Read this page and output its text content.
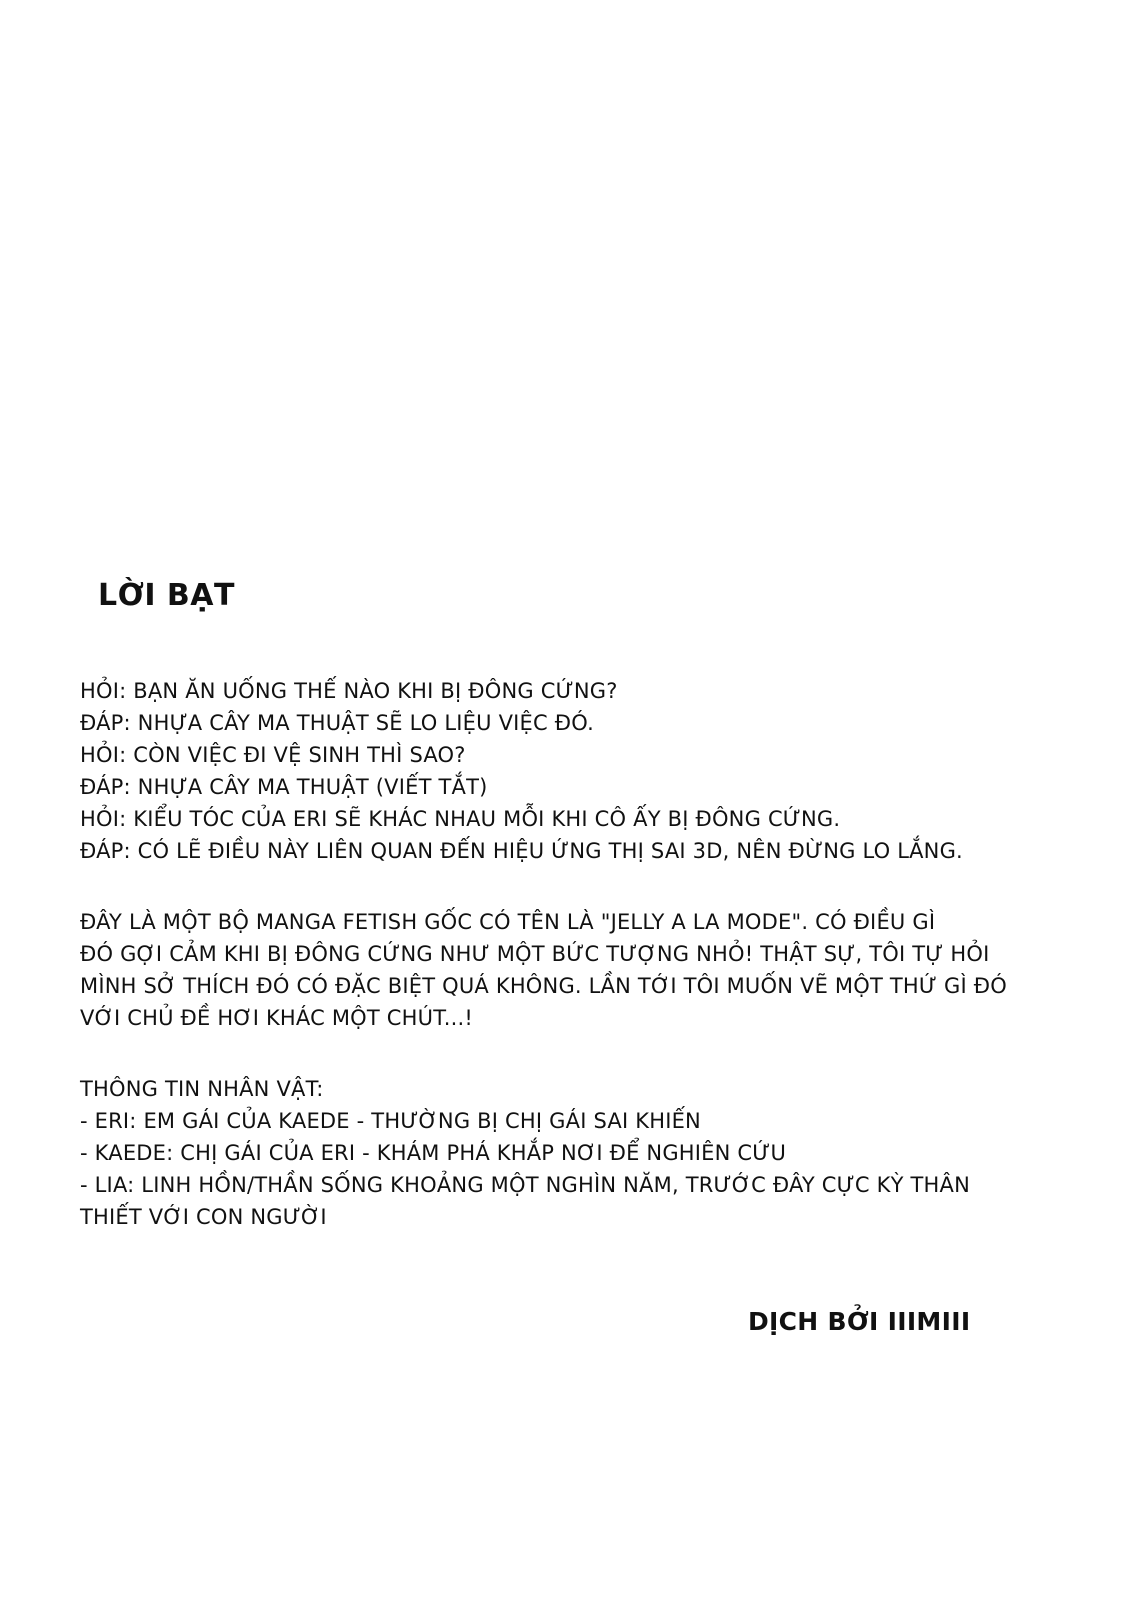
LỜI BẠT
HỎI: BẠN ĂN UỐNG THẾ NÀO KHI BỊ ĐÔNG CỨNG?
ĐÁP: NHỰA CÂY MA THUẬT SẼ LO LIỆU VIỆC ĐÓ.
HỎI: CÒN VIỆC ĐI VỆ SINH THÌ SAO?
ĐÁP: NHỰA CÂY MA THUẬT (VIẾT TẮT)
HỎI: KIỂU TÓC CỦA ERI SẼ KHÁC NHAU MỖI KHI CÔ ẤY BỊ ĐÔNG CỨNG.
ĐÁP: CÓ LẼ ĐIỀU NÀY LIÊN QUAN ĐẾN HIỆU ỨNG THỊ SAI 3D, NÊN ĐỪNG LO LẮNG.
ĐÂY LÀ MỘT BỘ MANGA FETISH GỐC CÓ TÊN LÀ "JELLY A LA MODE". CÓ ĐIỀU GÌ
ĐÓ GỢI CẢM KHI BỊ ĐÔNG CỨNG NHƯ MỘT BỨC TƯỢNG NHỎ! THẬT SỰ, TÔI TỰ HỎI
MÌNH SỞ THÍCH ĐÓ CÓ ĐẶC BIỆT QUÁ KHÔNG. LẦN TỚI TÔI MUỐN VẼ MỘT THỨ GÌ ĐÓ
VỚI CHỦ ĐỀ HƠI KHÁC MỘT CHÚT...!
THÔNG TIN NHÂN VẬT:
- ERI: EM GÁI CỦA KAEDE - THƯỜNG BỊ CHỊ GÁI SAI KHIẾN
- KAEDE: CHỊ GÁI CỦA ERI - KHÁM PHÁ KHẮP NƠI ĐỂ NGHIÊN CỨU
- LIA: LINH HỒN/THẦN SỐNG KHOẢNG MỘT NGHÌN NĂM, TRƯỚC ĐÂY CỰC KỲ THÂN
THIẾT VỚI CON NGƯỜI
DỊCH BỞI IIIMIII
